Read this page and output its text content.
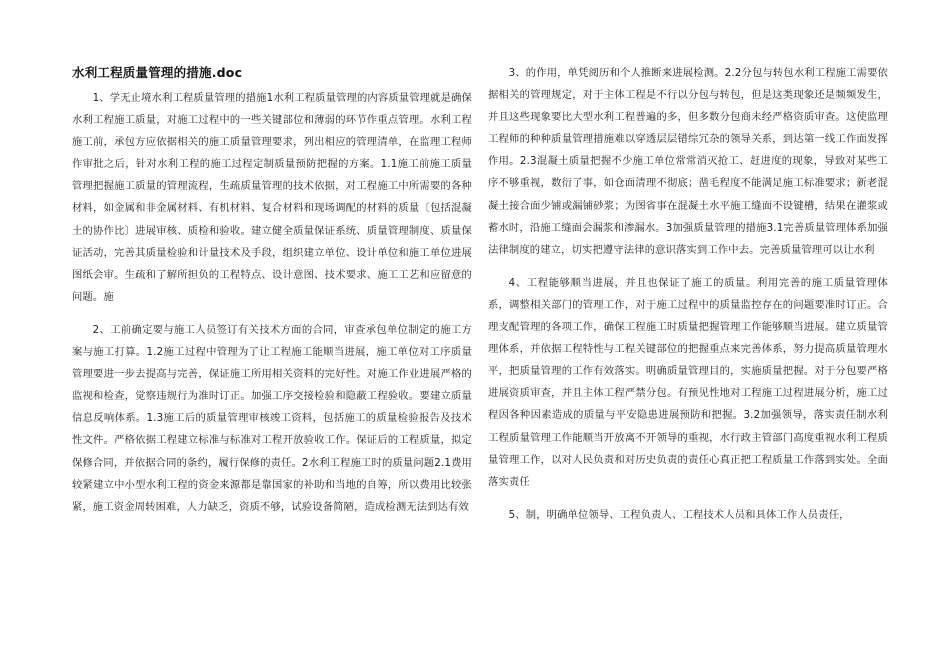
水利工程质量管理的措施.doc

1、学无止境水利工程质量管理的措施1水利工程质量管理的内容质量管理就是确保水利工程施工质量，对施工过程中的一些关键部位和薄弱的环节作重点管理。水利工程施工前，承包方应依据相关的施工质量管理要求，列出相应的管理清单，在监理工程师作审批之后，针对水利工程的施工过程定制质量预防把握的方案。1.1施工前施工质量管理把握施工质量的管理流程，生疏质量管理的技术依据，对工程施工中所需要的各种材料，如金属和非金属材料、有机材料、复合材料和现场调配的材料的质量〔包括混凝土的协作比〕进展审核、质检和验收。建立健全质量保证系统、质量管理制度、质量保证活动，完善其质量检验和计量技术及手段，组织建立单位、设计单位和施工单位进展图纸会审。生疏和了解所担负的工程特点、设计意图、技术要求、施工工艺和应留意的问题。施

2、工前确定要与施工人员签订有关技术方面的合同，审查承包单位制定的施工方案与施工打算。1.2施工过程中管理为了让工程施工能顺当进展，施工单位对工序质量管理要进一步去提高与完善，保证施工所用相关资料的完好性。对施工作业进展严格的监视和检查，觉察违规行为准时订正。加强工序交接检验和隐蔽工程验收。要建立质量信息反响体系。1.3施工后的质量管理审核竣工资料，包括施工的质量检验报告及技术性文件。严格依据工程建立标准与标准对工程开放验收工作。保证后的工程质量，拟定保修合同，并依据合同的条约，履行保修的责任。2水利工程施工时的质量问题2.1费用较紧建立中小型水利工程的资金来源都是靠国家的补助和当地的自筹，所以费用比较张紧，施工资金周转困难，人力缺乏，资质不够，试验设备简陋，造成检测无法到达有效

3、的作用，单凭阅历和个人推断来进展检测。2.2分包与转包水利工程施工需要依据相关的管理规定，对于主体工程是不行以分包与转包，但是这类现象还是频频发生，并且这些现象要比大型水利工程普遍的多，但多数分包商未经严格资质审查。这使监理工程师的种种质量管理措施难以穿透层层错综冗杂的领导关系，到达第一线工作面发挥作用。2.3混凝土质量把握不少施工单位常常消灭抢工、赶进度的现象，导致对某些工序不够重视，数衍了事，如仓面清理不彻底；凿毛程度不能满足施工标准要求；新老混凝土接合面少铺或漏铺砂浆；为图省事在混凝土水平施工缝面不设键槽，结果在灌浆或蓄水时，沿施工缝面会漏浆和渗漏水。3加强质量管理的措施3.1完善质量管理体系加强法律制度的建立，切实把遵守法律的意识落实到工作中去。完善质量管理可以让水利

4、工程能够顺当进展，并且也保证了施工的质量。利用完善的施工质量管理体系，调整相关部门的管理工作，对于施工过程中的质量监控存在的问题要准时订正。合理支配管理的各项工作，确保工程施工时质量把握管理工作能够顺当进展。建立质量管理体系，并依据工程特性与工程关键部位的把握重点来完善体系，努力提高质量管理水平，把质量管理的工作有效落实。明确质量管理目的，实施质量把握。对于分包要严格进展资质审查，并且主体工程严禁分包。有预见性地对工程施工过程进展分析，施工过程因各种因素造成的质量与平安隐患进展预防和把握。3.2加强领导，落实责任制水利工程质量管理工作能顺当开放离不开领导的重视，水行政主管部门高度重视水利工程质量管理工作，以对人民负责和对历史负责的责任心真正把工程质量工作落到实处。全面落实责任

5、制，明确单位领导、工程负责人、工程技术人员和具体工作人员责任，
